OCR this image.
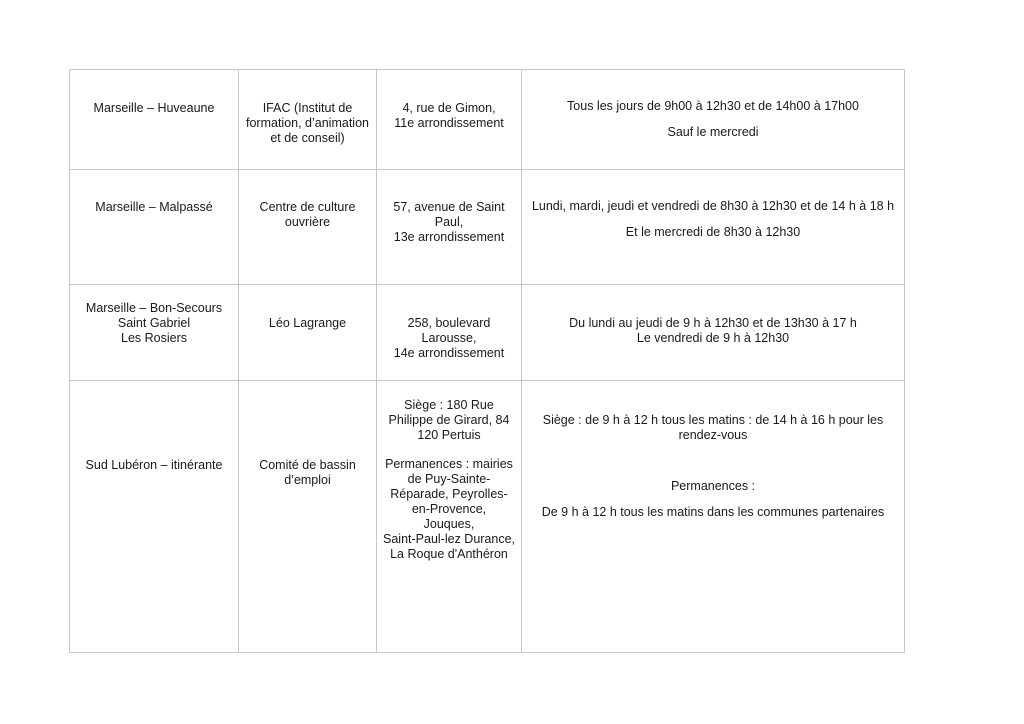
Marseille – Huveaune	IFAC (Institut de formation, d’animation et de conseil)	4, rue de Gimon,
11e arrondissement	Tous les jours de 9h00 à 12h30 et de 14h00 à 17h00
Sauf le mercredi

Marseille – Malpassé	Centre de culture ouvrière	57, avenue de Saint Paul,
13e arrondissement	Lundi, mardi, jeudi et vendredi de 8h30 à 12h30 et de 14 h à 18 h
Et le mercredi de 8h30 à 12h30

Marseille – Bon-Secours
Saint Gabriel
Les Rosiers	Léo Lagrange	258, boulevard Larousse,
14e arrondissement	Du lundi au jeudi de 9 h à 12h30 et de 13h30 à 17 h
Le vendredi de 9 h à 12h30

Sud Lubéron – itinérante	Comité de bassin d’emploi	Siège : 180 Rue Philippe de Girard, 84 120 Pertuis
Permanences : mairies de Puy-Sainte-Réparade, Peyrolles-en-Provence,
Jouques,
Saint-Paul-lez Durance,
La Roque d'Anthéron	Siège : de 9 h à 12 h tous les matins : de 14 h à 16 h pour les rendez-vous
Permanences :
De 9 h à 12 h tous les matins dans les communes partenaires
